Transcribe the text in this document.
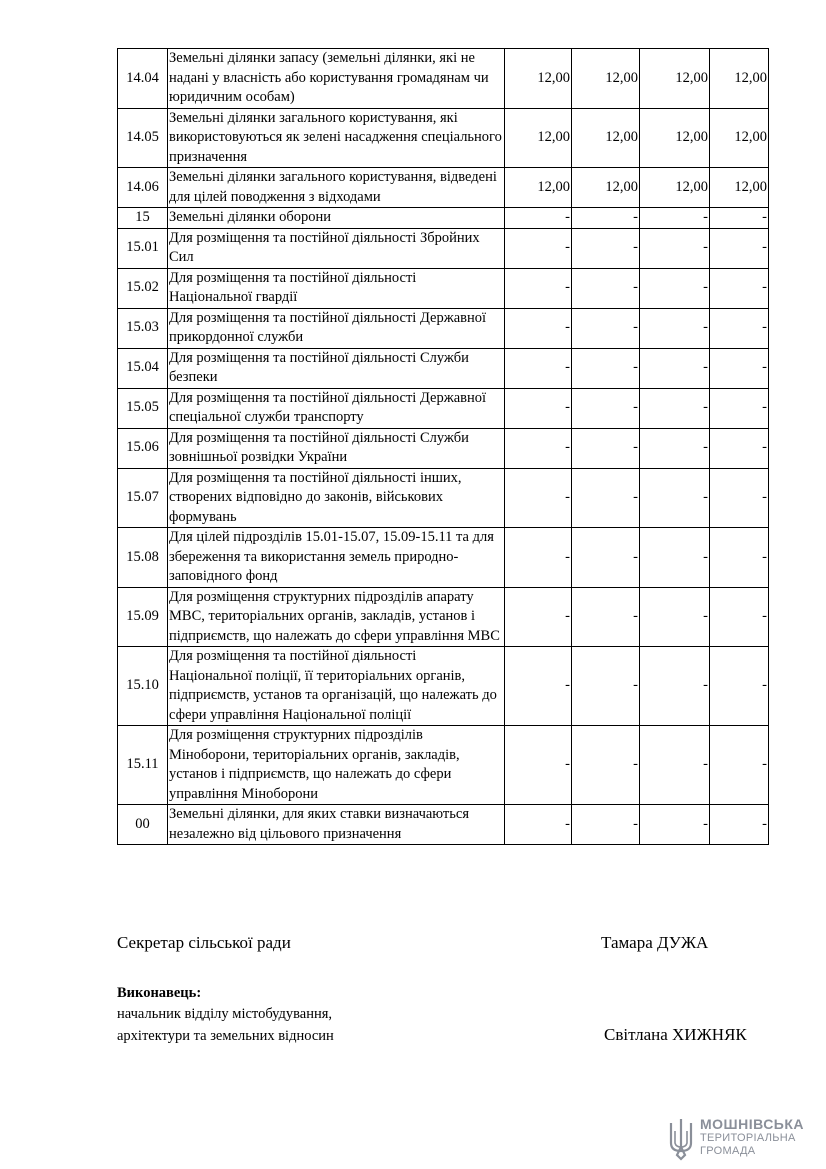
14.04	Земельні ділянки запасу (земельні ділянки, які не надані у власність або користування громадянам чи юридичним особам)	12,00	12,00	12,00	12,00
14.05	Земельні ділянки загального користування, які використовуються як зелені насадження спеціального призначення	12,00	12,00	12,00	12,00
14.06	Земельні ділянки загального користування, відведені для цілей поводження з відходами	12,00	12,00	12,00	12,00
15	Земельні ділянки оборони	-	-	-	-
15.01	Для розміщення та постійної діяльності Збройних Сил	-	-	-	-
15.02	Для розміщення та постійної діяльності Національної гвардії	-	-	-	-
15.03	Для розміщення та постійної діяльності Державної прикордонної служби	-	-	-	-
15.04	Для розміщення та постійної діяльності Служби безпеки	-	-	-	-
15.05	Для розміщення та постійної діяльності Державної спеціальної служби транспорту	-	-	-	-
15.06	Для розміщення та постійної діяльності Служби зовнішньої розвідки України	-	-	-	-
15.07	Для розміщення та постійної діяльності інших, створених відповідно до законів, військових формувань	-	-	-	-
15.08	Для цілей підрозділів 15.01-15.07, 15.09-15.11 та для збереження та використання земель природно-заповідного фонд	-	-	-	-
15.09	Для розміщення структурних підрозділів апарату МВС, територіальних органів, закладів, установ і підприємств, що належать до сфери управління МВС	-	-	-	-
15.10	Для розміщення та постійної діяльності Національної поліції, її територіальних органів, підприємств, установ та організацій, що належать до сфери управління Національної поліції	-	-	-	-
15.11	Для розміщення структурних підрозділів Міноборони, територіальних органів, закладів, установ і підприємств, що належать до сфери управління Міноборони	-	-	-	-
00	Земельні ділянки, для яких ставки визначаються незалежно від цільового призначення	-	-	-	-
Секретар сільської ради	Тамара ДУЖА
Виконавець:
начальник відділу містобудування,
архітектури та земельних відносин	Світлана ХИЖНЯК
МОШНІВСЬКА
ТЕРИТОРІАЛЬНА
ГРОМАДА
